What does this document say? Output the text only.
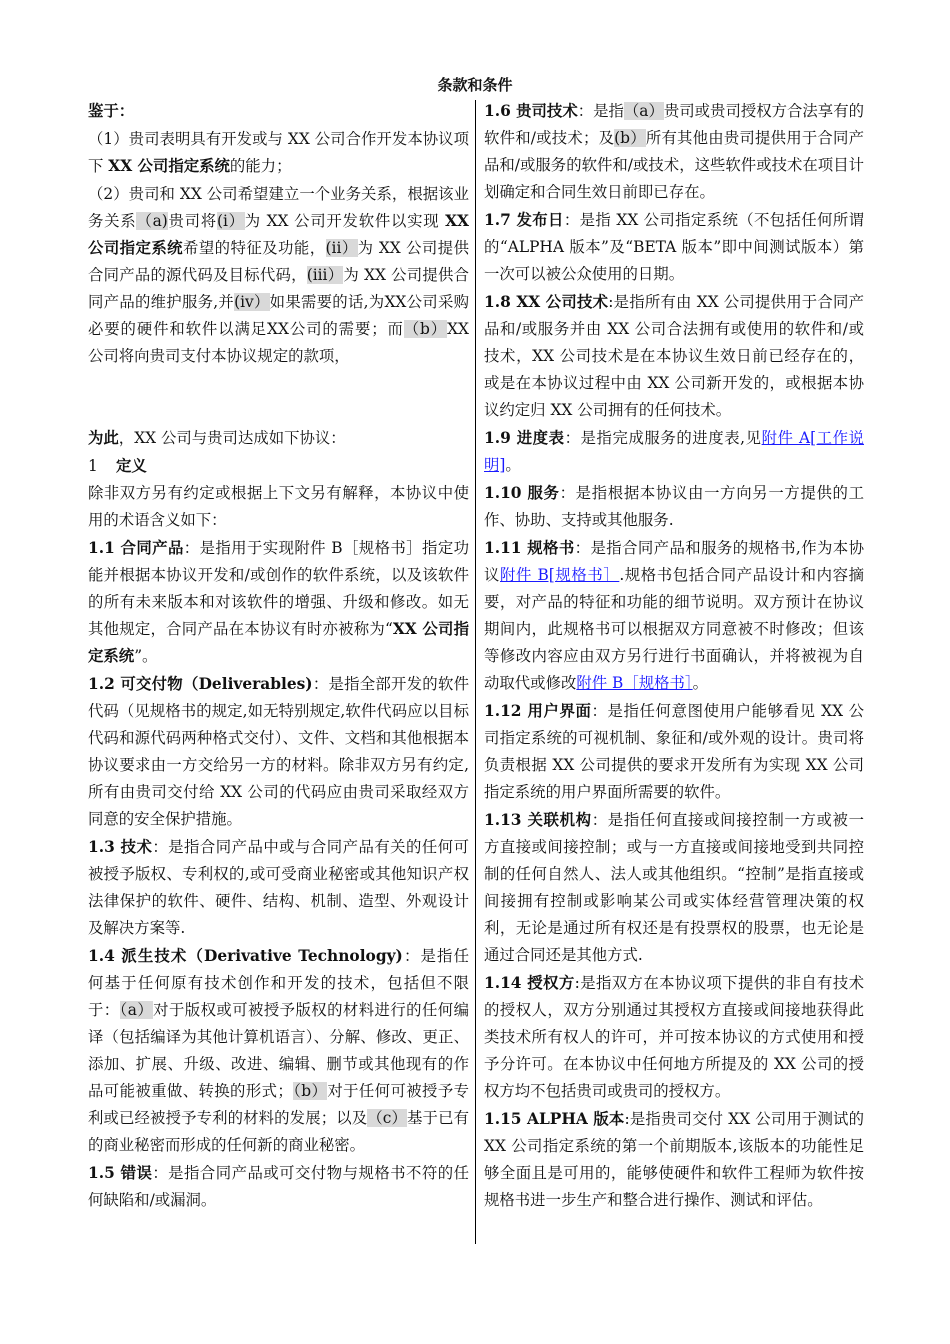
条款和条件

鉴于：

（1）贵司表明具有开发或与 XX 公司合作开发本协议项下 XX 公司指定系统的能力；

（2）贵司和 XX 公司希望建立一个业务关系，根据该业务关系（a)贵司将(i）为 XX 公司开发软件以实现 XX 公司指定系统希望的特征及功能，(ii）为 XX 公司提供合同产品的源代码及目标代码，(iii）为 XX 公司提供合同产品的维护服务,并(iv）如果需要的话,为XX公司采购必要的硬件和软件以满足XX公司的需要；而（b）XX 公司将向贵司支付本协议规定的款项，

为此，XX 公司与贵司达成如下协议：

1 定义

除非双方另有约定或根据上下文另有解释，本协议中使用的术语含义如下：

1.1 合同产品：是指用于实现附件 B［规格书］指定功能并根据本协议开发和/或创作的软件系统，以及该软件的所有未来版本和对该软件的增强、升级和修改。如无其他规定，合同产品在本协议有时亦被称为“XX 公司指定系统”。

1.2 可交付物（Deliverables)：是指全部开发的软件代码（见规格书的规定,如无特别规定,软件代码应以目标代码和源代码两种格式交付）、文件、文档和其他根据本协议要求由一方交给另一方的材料。除非双方另有约定,所有由贵司交付给 XX 公司的代码应由贵司采取经双方同意的安全保护措施。

1.3 技术：是指合同产品中或与合同产品有关的任何可被授予版权、专利权的,或可受商业秘密或其他知识产权法律保护的软件、硬件、结构、机制、造型、外观设计及解决方案等.

1.4 派生技术（Derivative Technology)：是指任何基于任何原有技术创作和开发的技术，包括但不限于：（a）对于版权或可被授予版权的材料进行的任何编译（包括编译为其他计算机语言）、分解、修改、更正、添加、扩展、升级、改进、编辑、删节或其他现有的作品可能被重做、转换的形式；（b）对于任何可被授予专利或已经被授予专利的材料的发展；以及（c）基于已有的商业秘密而形成的任何新的商业秘密。

1.5 错误：是指合同产品或可交付物与规格书不符的任何缺陷和/或漏洞。

1.6 贵司技术：是指（a）贵司或贵司授权方合法享有的软件和/或技术；及(b）所有其他由贵司提供用于合同产品和/或服务的软件和/或技术，这些软件或技术在项目计划确定和合同生效日前即已存在。

1.7 发布日：是指 XX 公司指定系统（不包括任何所谓的“ALPHA 版本”及“BETA 版本”即中间测试版本）第一次可以被公众使用的日期。

1.8 XX 公司技术:是指所有由 XX 公司提供用于合同产品和/或服务并由 XX 公司合法拥有或使用的软件和/或技术，XX 公司技术是在本协议生效日前已经存在的，或是在本协议过程中由 XX 公司新开发的，或根据本协议约定归 XX 公司拥有的任何技术。

1.9 进度表：是指完成服务的进度表,见附件 A[工作说明]。

1.10 服务：是指根据本协议由一方向另一方提供的工作、协助、支持或其他服务.

1.11 规格书：是指合同产品和服务的规格书,作为本协议附件 B[规格书］.规格书包括合同产品设计和内容摘要，对产品的特征和功能的细节说明。双方预计在协议期间内，此规格书可以根据双方同意被不时修改；但该等修改内容应由双方另行进行书面确认，并将被视为自动取代或修改附件 B［规格书］。

1.12 用户界面：是指任何意图使用户能够看见 XX 公司指定系统的可视机制、象征和/或外观的设计。贵司将负责根据 XX 公司提供的要求开发所有为实现 XX 公司指定系统的用户界面所需要的软件。

1.13 关联机构：是指任何直接或间接控制一方或被一方直接或间接控制；或与一方直接或间接地受到共同控制的任何自然人、法人或其他组织。“控制”是指直接或间接拥有控制或影响某公司或实体经营管理决策的权利，无论是通过所有权还是有投票权的股票，也无论是通过合同还是其他方式.

1.14 授权方:是指双方在本协议项下提供的非自有技术的授权人，双方分别通过其授权方直接或间接地获得此类技术所有权人的许可，并可按本协议的方式使用和授予分许可。在本协议中任何地方所提及的 XX 公司的授权方均不包括贵司或贵司的授权方。

1.15 ALPHA 版本:是指贵司交付 XX 公司用于测试的 XX 公司指定系统的第一个前期版本,该版本的功能性足够全面且是可用的，能够使硬件和软件工程师为软件按规格书进一步生产和整合进行操作、测试和评估。
